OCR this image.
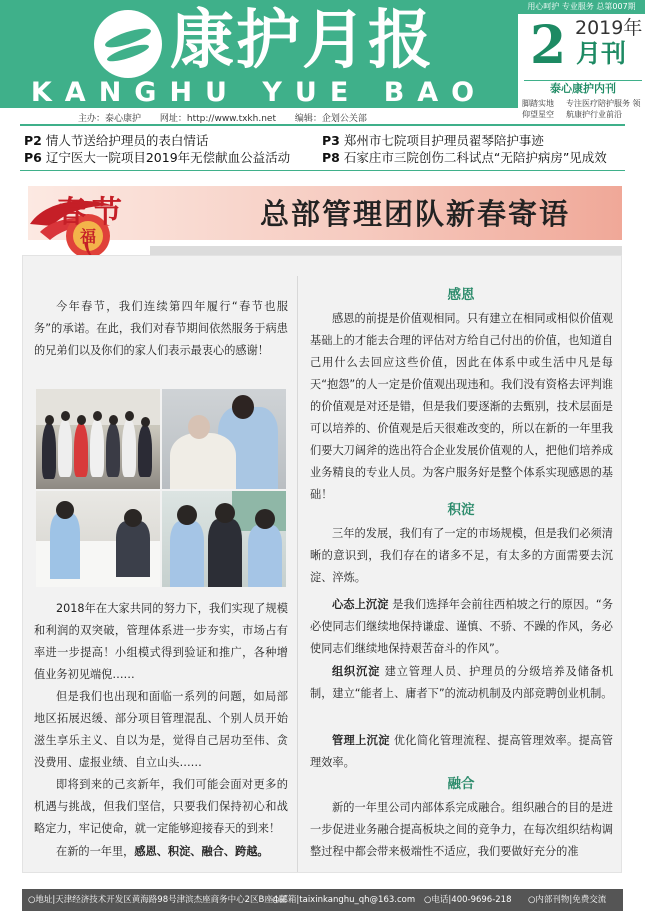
康护月报
KANGHU YUE BAO
用心呵护 专业服务 总第007期
2 2019年
月刊
泰心康护内刊
脚踏实地 仰望星空
专注医疗陪护服务 领航康护行业前沿
主办：泰心康护 网址：http://www.txkh.net 编辑：企划公关部
P2 情人节送给护理员的表白情话	P3 郑州市七院项目护理员翟琴陪护事迹
P6 辽宁医大一院项目2019年无偿献血公益活动	P8 石家庄市三院创伤二科试点“无陪护病房”见成效
福
春节	总部管理团队新春寄语
今年春节，我们连续第四年履行“春节也服务”的承诺。在此，我们对春节期间依然服务于病患的兄弟们以及你们的家人们表示最衷心的感谢！
2018年在大家共同的努力下，我们实现了规模和利润的双突破，管理体系进一步夯实，市场占有率进一步提高！小组模式得到验证和推广，各种增值业务初见端倪……
但是我们也出现和面临一系列的问题，如局部地区拓展迟缓、部分项目管理混乱、个别人员开始滋生享乐主义、自以为是，觉得自己居功至伟、贪没费用、虚报业绩、自立山头……
即将到来的己亥新年，我们可能会面对更多的机遇与挑战，但我们坚信，只要我们保持初心和战略定力，牢记使命，就一定能够迎接春天的到来！
在新的一年里，感恩、积淀、融合、跨越。
感恩
感恩的前提是价值观相同。只有建立在相同或相似价值观基础上的才能去合理的评估对方给自己付出的价值，也知道自己用什么去回应这些价值，因此在体系中或生活中凡是每天“抱怨”的人一定是价值观出现违和。我们没有资格去评判谁的价值观是对还是错，但是我们要逐渐的去甄别，技术层面是可以培养的、价值观是后天很难改变的，所以在新的一年里我们要大刀阔斧的选出符合企业发展价值观的人，把他们培养成业务精良的专业人员。为客户服务好是整个体系实现感恩的基础！
积淀
三年的发展，我们有了一定的市场规模，但是我们必须清晰的意识到，我们存在的诸多不足，有太多的方面需要去沉淀、淬炼。
心态上沉淀 是我们选择年会前往西柏坡之行的原因。“务必使同志们继续地保持谦虚、谨慎、不骄、不躁的作风，务必使同志们继续地保持艰苦奋斗的作风”。
组织沉淀 建立管理人员、护理员的分级培养及储备机制，建立“能者上、庸者下”的流动机制及内部竞聘创业机制。
管理上沉淀 优化简化管理流程、提高管理效率。提高管理效率。
融合
新的一年里公司内部体系完成融合。组织融合的目的是进一步促进业务融合提高板块之间的竞争力，在每次组织结构调整过程中都会带来极端性不适应，我们要做好充分的准
○地址|天津经济技术开发区黄海路98号津滨杰座商务中心2区B座4层
○邮箱|taixinkanghu_qh@163.com ○电话|400-9696-218 ○内部刊物|免费交流
